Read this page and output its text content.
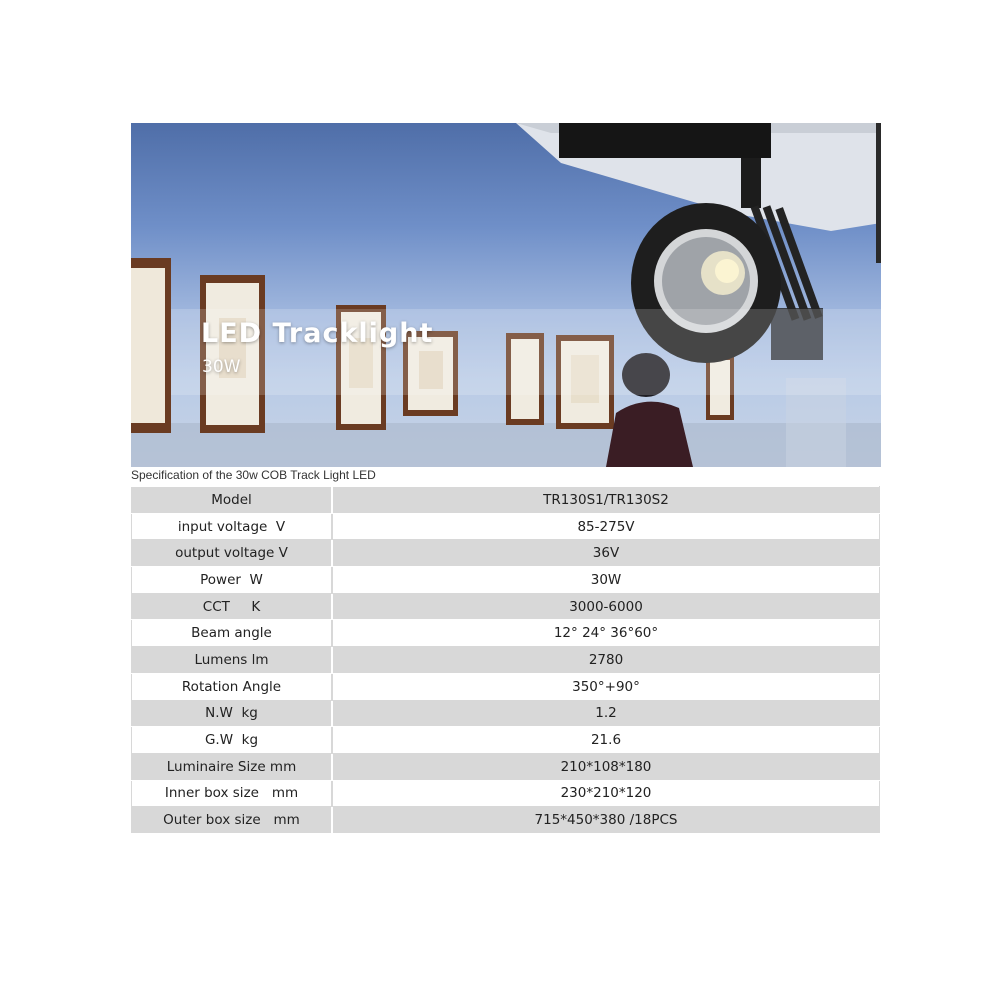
LED Tracklight
30W
Specification of the 30w COB Track Light LED
Model	TR130S1/TR130S2
input voltage  V	85-275V
output voltage V	36V
Power  W	30W
CCT     K	3000-6000
Beam angle	12° 24° 36°60°
Lumens lm	2780
Rotation Angle	350°+90°
N.W  kg	1.2
G.W  kg	21.6
Luminaire Size mm	210*108*180
Inner box size   mm	230*210*120
Outer box size   mm	715*450*380 /18PCS
